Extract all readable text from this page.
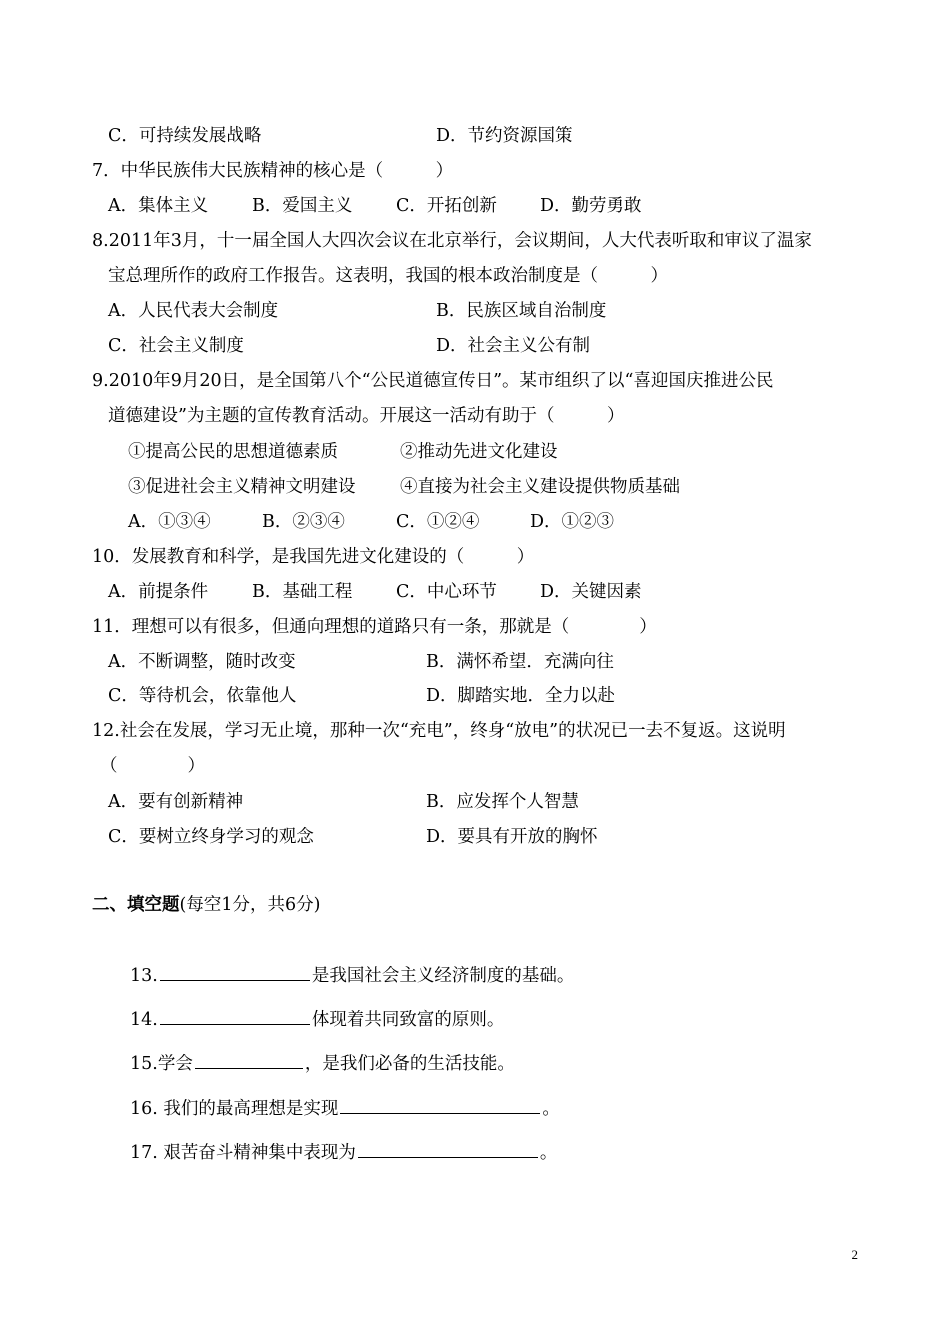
C．可持续发展战略	D．节约资源国策
7．中华民族伟大民族精神的核心是（　　　）
A．集体主义	B．爱国主义 C．开拓创新 D．勤劳勇敢
8.2011年3月，十一届全国人大四次会议在北京举行，会议期间，人大代表听取和审议了温家
宝总理所作的政府工作报告。这表明，我国的根本政治制度是（　　　）
A．人民代表大会制度	B．民族区域自治制度
C．社会主义制度	D．社会主义公有制
9.2010年9月20日，是全国第八个“公民道德宣传日”。某市组织了以“喜迎国庆推进公民
道德建设”为主题的宣传教育活动。开展这一活动有助于（　　　）
①提高公民的思想道德素质	②推动先进文化建设
③促进社会主义精神文明建设	④直接为社会主义建设提供物质基础
A．①③④	B．②③④	C．①②④	D．①②③
10．发展教育和科学，是我国先进文化建设的（　　　）
A．前提条件	B．基础工程 C．中心环节 D．关键因素
11．理想可以有很多，但通向理想的道路只有一条，那就是（　　　　）
A．不断调整，随时改变	B．满怀希望．充满向往
C．等待机会，依靠他人	D．脚踏实地．全力以赴
12.社会在发展，学习无止境，那种一次“充电”，终身“放电”的状况已一去不复返。这说明
（　　　　）
A．要有创新精神	B．应发挥个人智慧
C．要树立终身学习的观念	D．要具有开放的胸怀
二、填空题(每空1分，共6分)
13.	是我国社会主义经济制度的基础。
14.	体现着共同致富的原则。
15.学会	，是我们必备的生活技能。
16. 我们的最高理想是实现	。
17. 艰苦奋斗精神集中表现为	。
2
